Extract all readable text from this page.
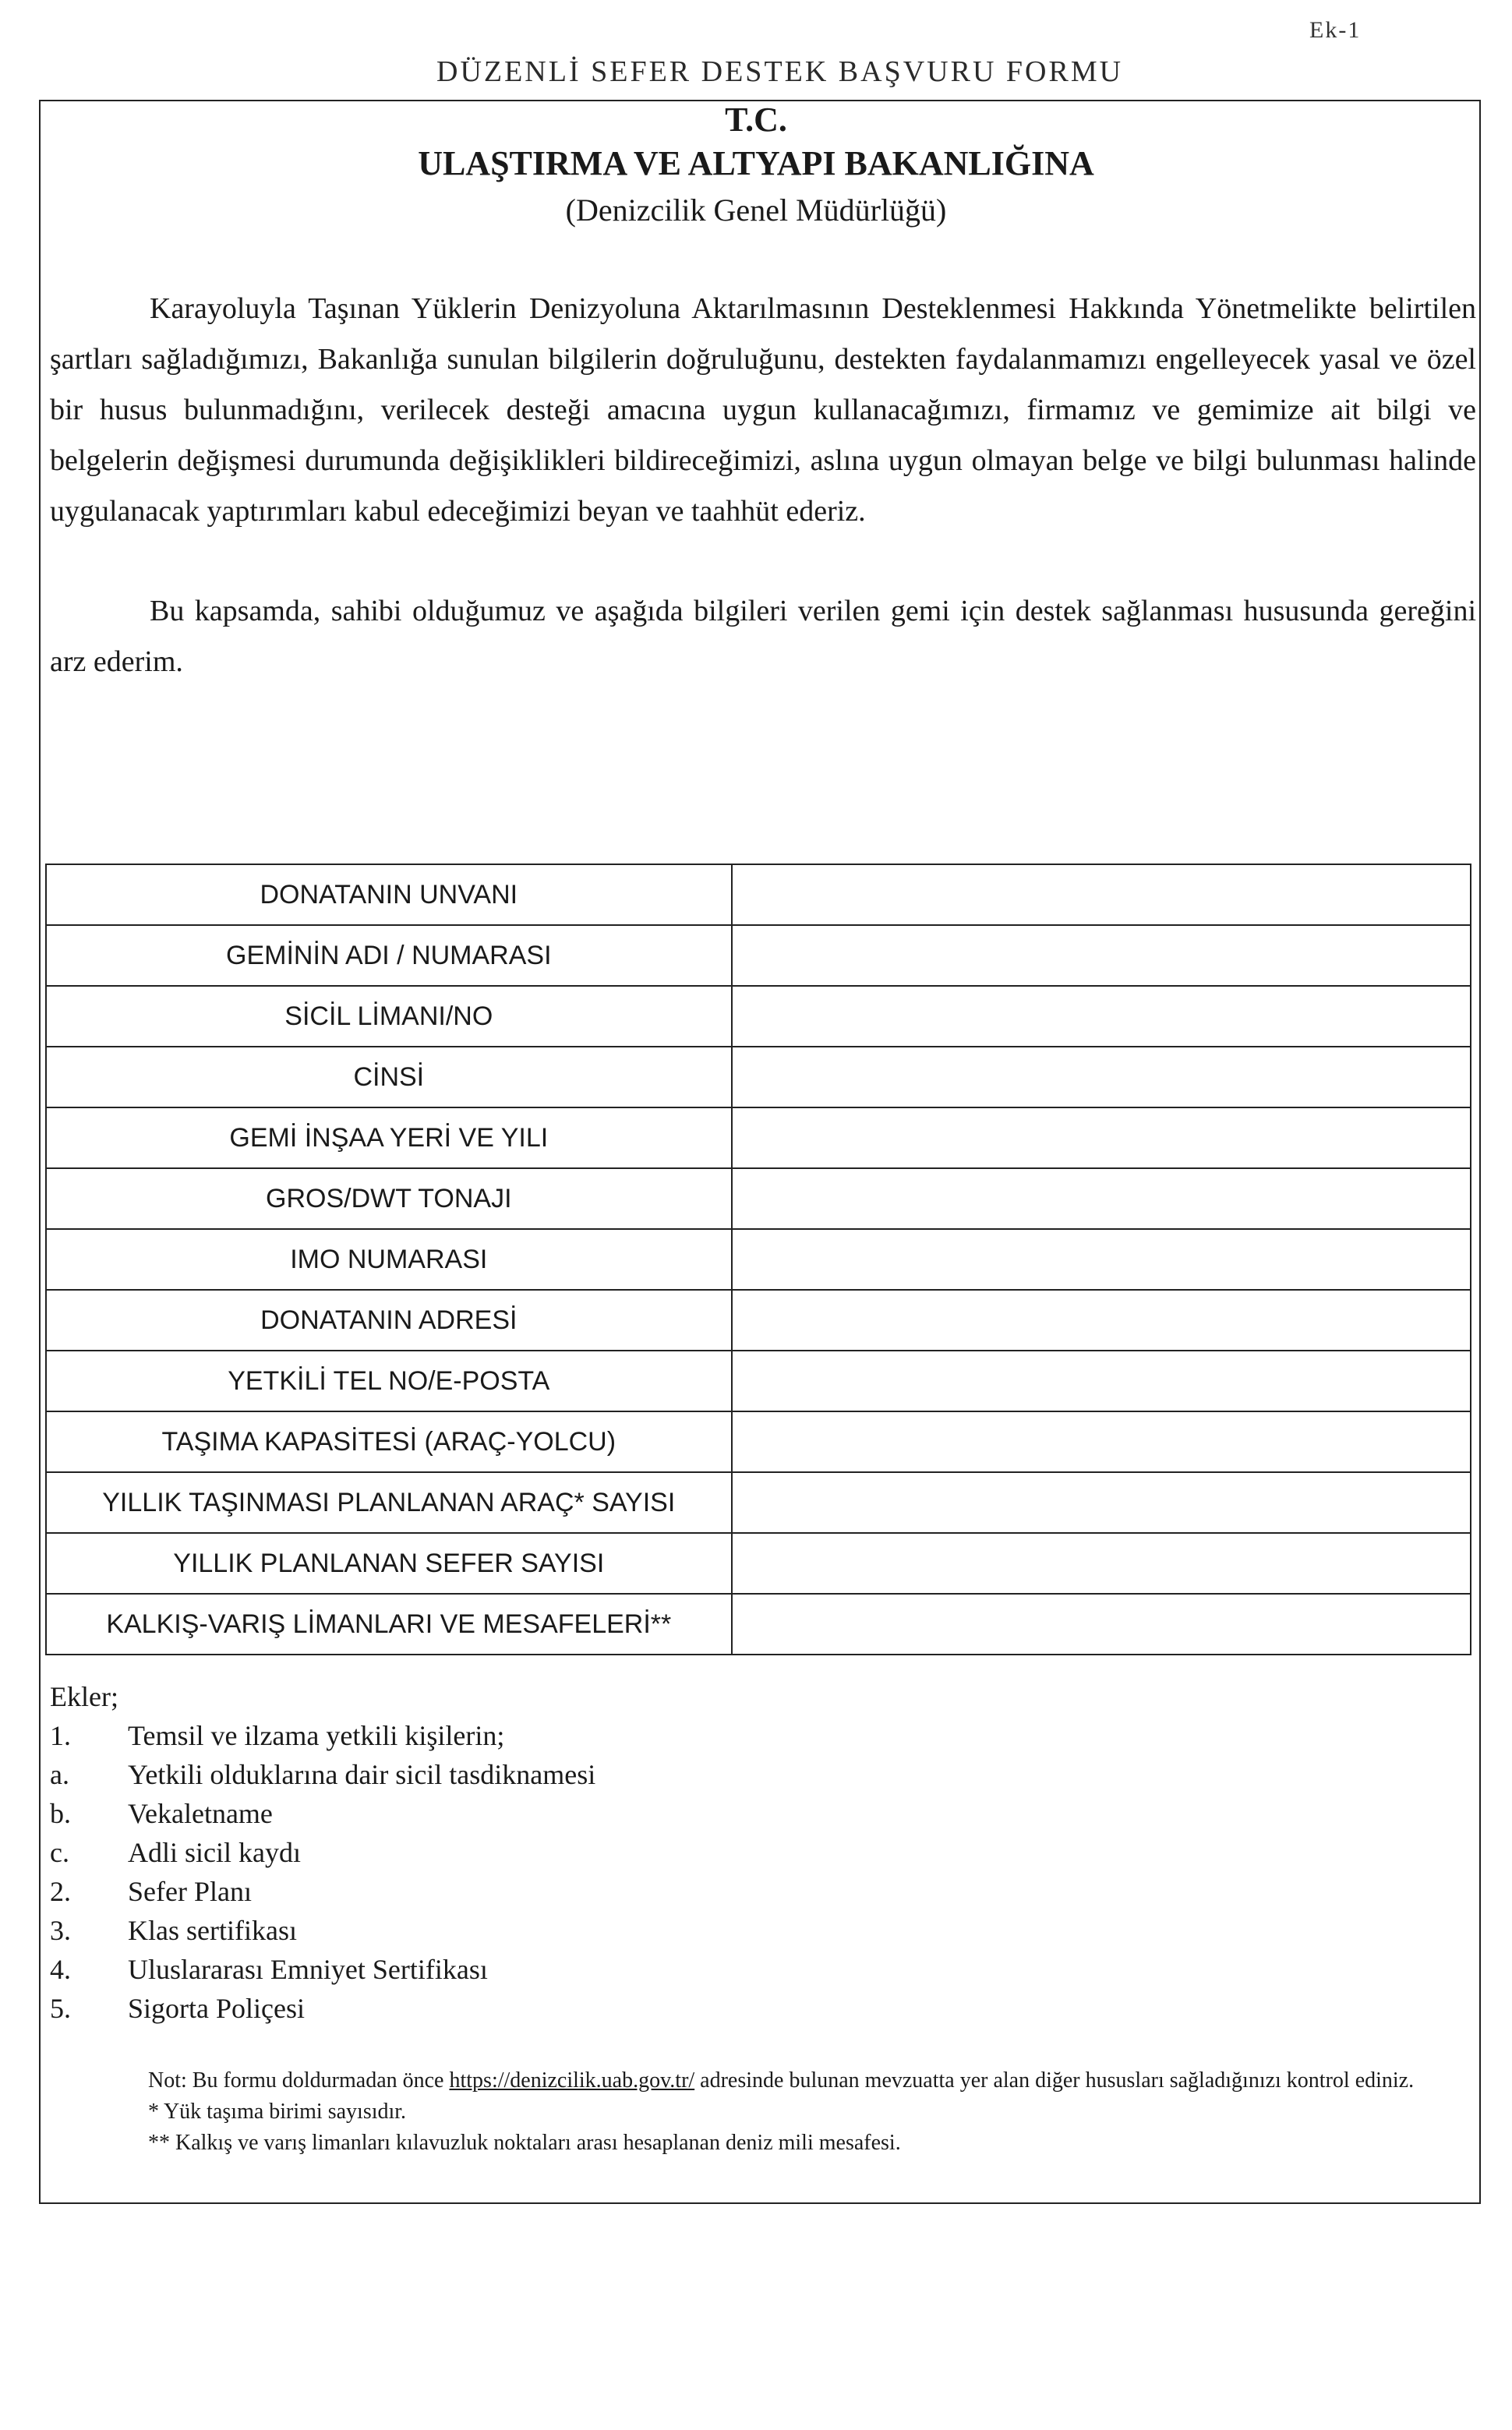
Ek-1
DÜZENLİ SEFER DESTEK BAŞVURU FORMU
T.C.
ULAŞTIRMA VE ALTYAPI BAKANLIĞINA
(Denizcilik Genel Müdürlüğü)
Karayoluyla Taşınan Yüklerin Denizyoluna Aktarılmasının Desteklenmesi Hakkında Yönetmelikte belirtilen şartları sağladığımızı, Bakanlığa sunulan bilgilerin doğruluğunu, destekten faydalanmamızı engelleyecek yasal ve özel bir husus bulunmadığını, verilecek desteği amacına uygun kullanacağımızı, firmamız ve gemimize ait bilgi ve belgelerin değişmesi durumunda değişiklikleri bildireceğimizi, aslına uygun olmayan belge ve bilgi bulunması halinde uygulanacak yaptırımları kabul edeceğimizi beyan ve taahhüt ederiz.
Bu kapsamda, sahibi olduğumuz ve aşağıda bilgileri verilen gemi için destek sağlanması hususunda gereğini arz ederim.
DONATANIN UNVANI	
GEMİNİN ADI / NUMARASI	
SİCİL LİMANI/NO	
CİNSİ	
GEMİ İNŞAA YERİ VE YILI	
GROS/DWT TONAJI	
IMO NUMARASI	
DONATANIN ADRESİ	
YETKİLİ TEL NO/E-POSTA	
TAŞIMA KAPASİTESİ (ARAÇ-YOLCU)	
YILLIK TAŞINMASI PLANLANAN ARAÇ* SAYISI	
YILLIK PLANLANAN SEFER SAYISI	
KALKIŞ-VARIŞ LİMANLARI VE MESAFELERİ**	
Ekler;
1.	Temsil ve ilzama yetkili kişilerin;
a.	Yetkili olduklarına dair sicil tasdiknamesi
b.	Vekaletname
c.	Adli sicil kaydı
2.	Sefer Planı
3.	Klas sertifikası
4.	Uluslararası Emniyet Sertifikası
5.	Sigorta Poliçesi
Not: Bu formu doldurmadan önce https://denizcilik.uab.gov.tr/ adresinde bulunan mevzuatta yer alan diğer hususları sağladığınızı kontrol ediniz.
* Yük taşıma birimi sayısıdır.
** Kalkış ve varış limanları kılavuzluk noktaları arası hesaplanan deniz mili mesafesi.
